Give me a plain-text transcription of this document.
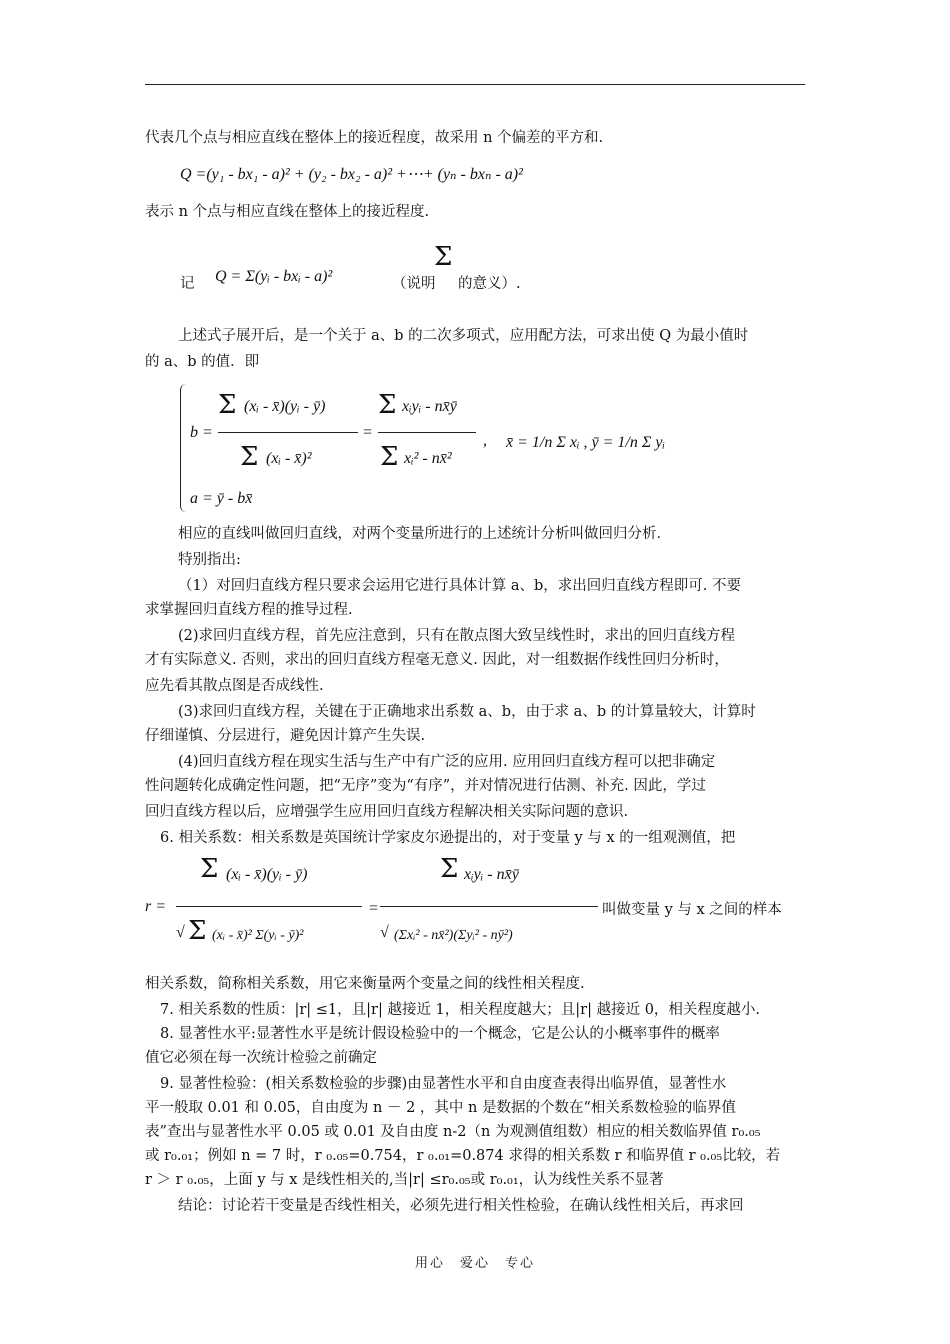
代表几个点与相应直线在整体上的接近程度，故采用 n 个偏差的平方和.
Q =(y₁ - bx₁ - a)² + (y₂ - bx₂ - a)² +⋯+ (yₙ - bxₙ - a)²
表示 n 个点与相应直线在整体上的接近程度.
记 Q = Σ(yᵢ - bxᵢ - a)²	（说明
Σ
的意义）.
上述式子展开后，是一个关于 a、b 的二次多项式，应用配方法，可求出使 Q 为最小值时
的 a、b 的值．即
b =
Σ (xᵢ - x̄)(yᵢ - ȳ)
Σ (xᵢ - x̄)²
=
Σ xᵢyᵢ - nx̄ȳ
Σ xᵢ² - nx̄²
, x̄ = 1/n Σ xᵢ , ȳ = 1/n Σ yᵢ
a = ȳ - bx̄
相应的直线叫做回归直线，对两个变量所进行的上述统计分析叫做回归分析．
特别指出:
（1）对回归直线方程只要求会运用它进行具体计算 a、b，求出回归直线方程即可. 不要
求掌握回归直线方程的推导过程.
(2)求回归直线方程，首先应注意到，只有在散点图大致呈线性时，求出的回归直线方程
才有实际意义. 否则，求出的回归直线方程毫无意义. 因此，对一组数据作线性回归分析时，
应先看其散点图是否成线性.
(3)求回归直线方程，关键在于正确地求出系数 a、b，由于求 a、b 的计算量较大，计算时
仔细谨慎、分层进行，避免因计算产生失误.
(4)回归直线方程在现实生活与生产中有广泛的应用. 应用回归直线方程可以把非确定
性问题转化成确定性问题，把“无序”变为“有序”，并对情况进行估测、补充. 因此，学过
回归直线方程以后，应增强学生应用回归直线方程解决相关实际问题的意识.
6. 相关系数：相关系数是英国统计学家皮尔逊提出的，对于变量 y 与 x 的一组观测值，把
r =
Σ (xᵢ - x̄)(yᵢ - ȳ)
√ Σ (xᵢ - x̄)² Σ(yᵢ - ȳ)²
=
Σ xᵢyᵢ - nx̄ȳ
√ (Σxᵢ² - nx̄²)(Σyᵢ² - nȳ²)
叫做变量 y 与 x 之间的样本
相关系数，简称相关系数，用它来衡量两个变量之间的线性相关程度.
7. 相关系数的性质：|r| ≤1，且|r| 越接近 1，相关程度越大；且|r| 越接近 0，相关程度越小.
8. 显著性水平:显著性水平是统计假设检验中的一个概念，它是公认的小概率事件的概率
值它必须在每一次统计检验之前确定
9. 显著性检验：(相关系数检验的步骤)由显著性水平和自由度查表得出临界值，显著性水
平一般取 0.01 和 0.05，自由度为 n － 2 ，其中 n 是数据的个数在“相关系数检验的临界值
表”查出与显著性水平 0.05 或 0.01 及自由度 n-2（n 为观测值组数）相应的相关数临界值 r₀.₀₅
或 r₀.₀₁；例如 n = 7 时，r ₀.₀₅=0.754，r ₀.₀₁=0.874 求得的相关系数 r 和临界值 r ₀.₀₅比较，若
r ＞ r ₀.₀₅，上面 y 与 x 是线性相关的,当|r| ≤r₀.₀₅或 r₀.₀₁，认为线性关系不显著
结论：讨论若干变量是否线性相关，必须先进行相关性检验，在确认线性相关后，再求回
用心　爱心　专心
